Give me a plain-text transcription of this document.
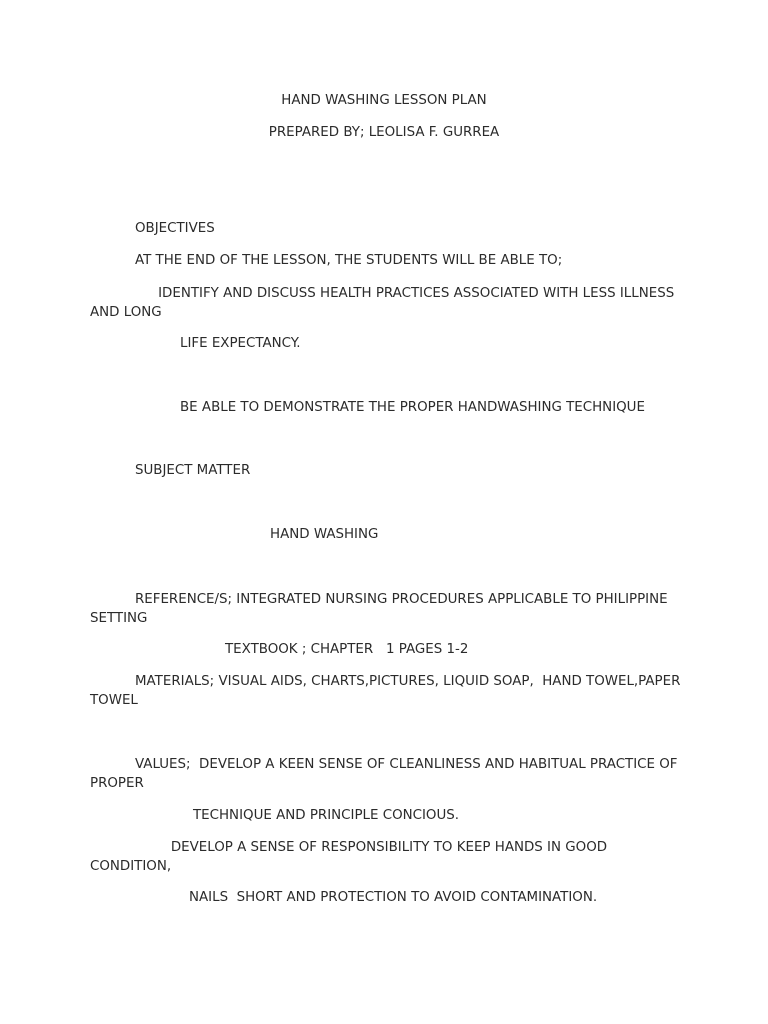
HAND WASHING LESSON PLAN
PREPARED BY; LEOLISA F. GURREA
OBJECTIVES
AT THE END OF THE LESSON, THE STUDENTS WILL BE ABLE TO;
IDENTIFY AND DISCUSS HEALTH PRACTICES ASSOCIATED WITH LESS ILLNESS AND LONG
LIFE EXPECTANCY.
BE ABLE TO DEMONSTRATE THE PROPER HANDWASHING TECHNIQUE
SUBJECT MATTER
HAND WASHING
REFERENCE/S; INTEGRATED NURSING PROCEDURES APPLICABLE TO PHILIPPINE SETTING
TEXTBOOK ; CHAPTER   1 PAGES 1-2
MATERIALS; VISUAL AIDS, CHARTS,PICTURES, LIQUID SOAP,  HAND TOWEL,PAPER  TOWEL
VALUES;  DEVELOP A KEEN SENSE OF CLEANLINESS AND HABITUAL PRACTICE OF PROPER
TECHNIQUE AND PRINCIPLE CONCIOUS.
DEVELOP A SENSE OF RESPONSIBILITY TO KEEP HANDS IN GOOD CONDITION,
NAILS  SHORT AND PROTECTION TO AVOID CONTAMINATION.
